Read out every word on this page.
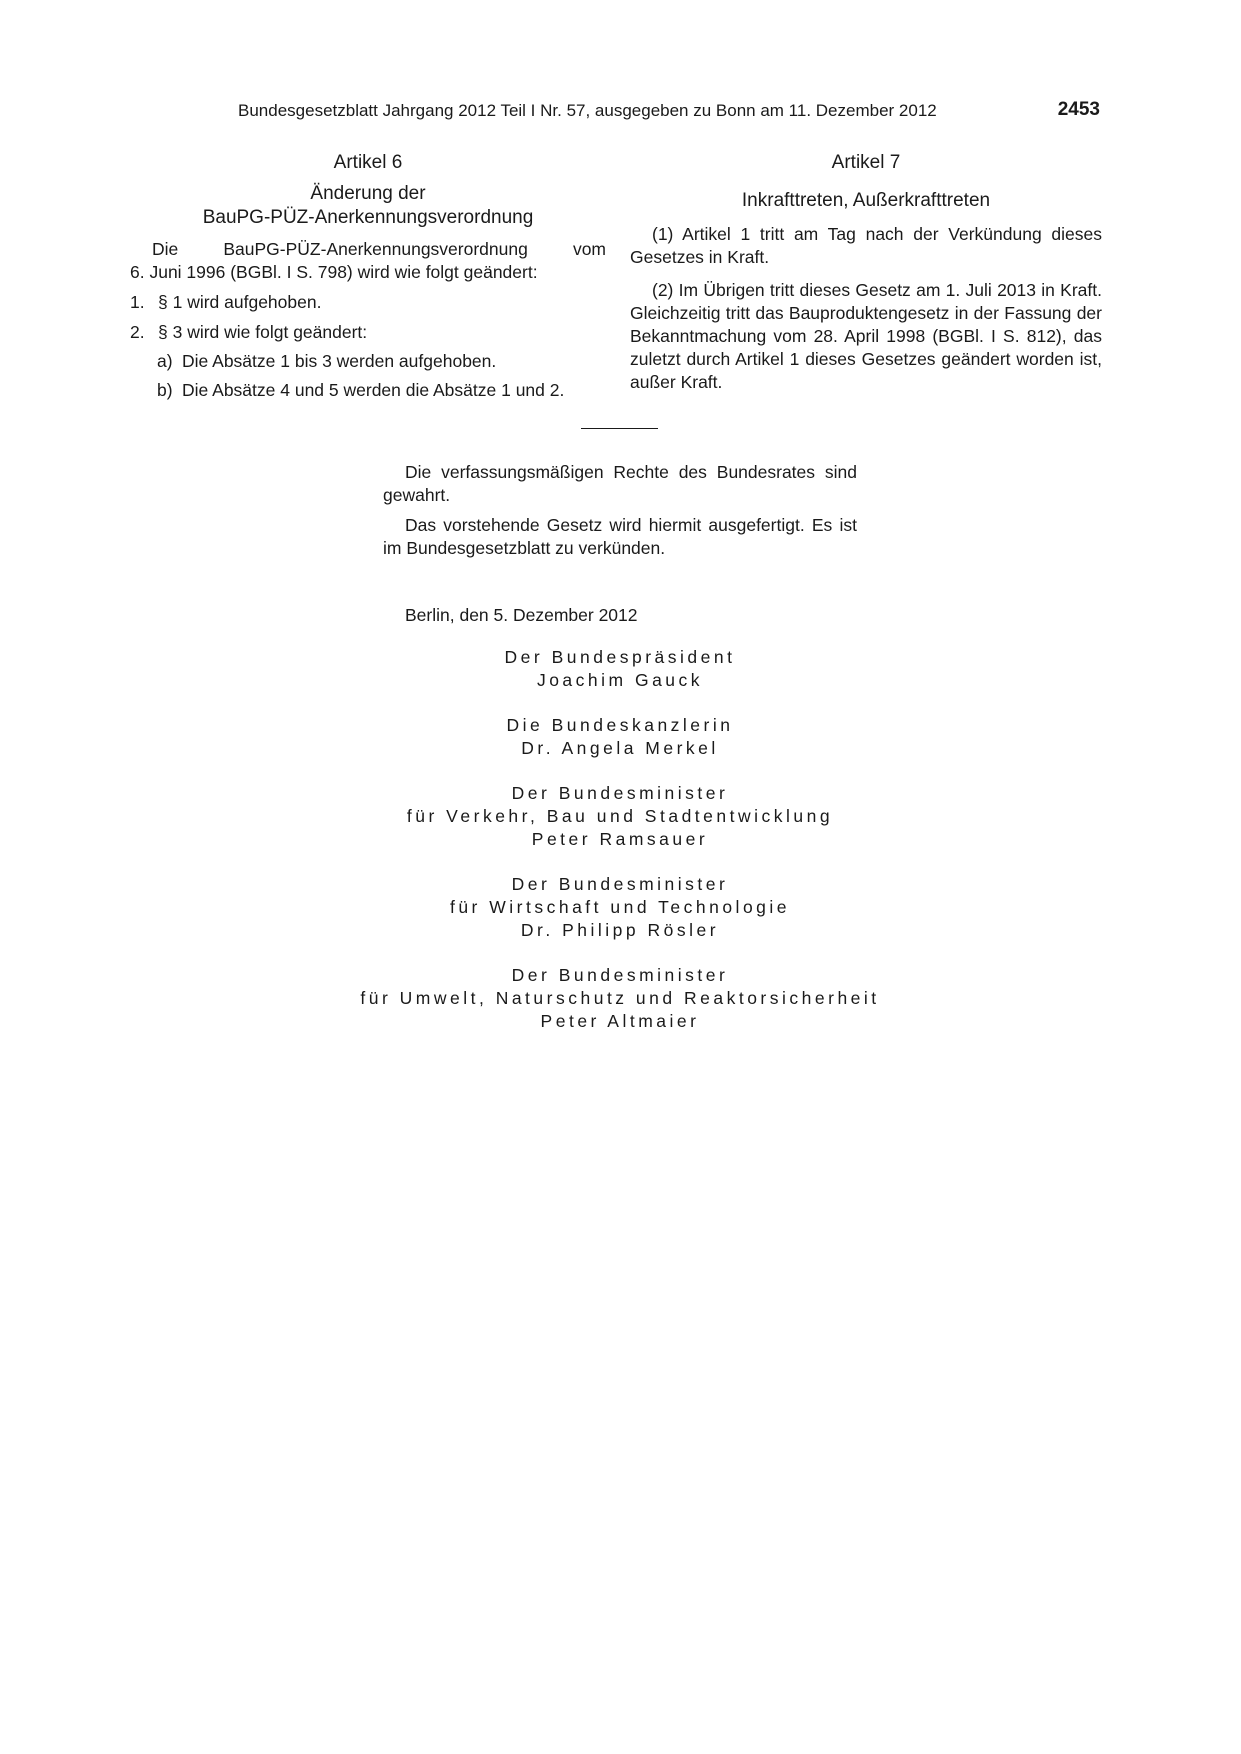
Bundesgesetzblatt Jahrgang 2012 Teil I Nr. 57, ausgegeben zu Bonn am 11. Dezember 2012	2453
Artikel 6
Änderung der
BauPG-PÜZ-Anerkennungsverordnung
Die BauPG-PÜZ-Anerkennungsverordnung vom
6. Juni 1996 (BGBl. I S. 798) wird wie folgt geändert:
1. § 1 wird aufgehoben.
2. § 3 wird wie folgt geändert:
a) Die Absätze 1 bis 3 werden aufgehoben.
b) Die Absätze 4 und 5 werden die Absätze 1 und 2.
Artikel 7
Inkrafttreten, Außerkrafttreten

(1) Artikel 1 tritt am Tag nach der Verkündung dieses Gesetzes in Kraft.

(2) Im Übrigen tritt dieses Gesetz am 1. Juli 2013 in Kraft. Gleichzeitig tritt das Bauproduktengesetz in der Fassung der Bekanntmachung vom 28. April 1998 (BGBl. I S. 812), das zuletzt durch Artikel 1 dieses Gesetzes geändert worden ist, außer Kraft.

Die verfassungsmäßigen Rechte des Bundesrates sind gewahrt.

Das vorstehende Gesetz wird hiermit ausgefertigt. Es ist im Bundesgesetzblatt zu verkünden.

Berlin, den 5. Dezember 2012
Der Bundespräsident
Joachim Gauck
Die Bundeskanzlerin
Dr. Angela Merkel
Der Bundesminister
für Verkehr, Bau und Stadtentwicklung
Peter Ramsauer
Der Bundesminister
für Wirtschaft und Technologie
Dr. Philipp Rösler
Der Bundesminister
für Umwelt, Naturschutz und Reaktorsicherheit
Peter Altmaier
